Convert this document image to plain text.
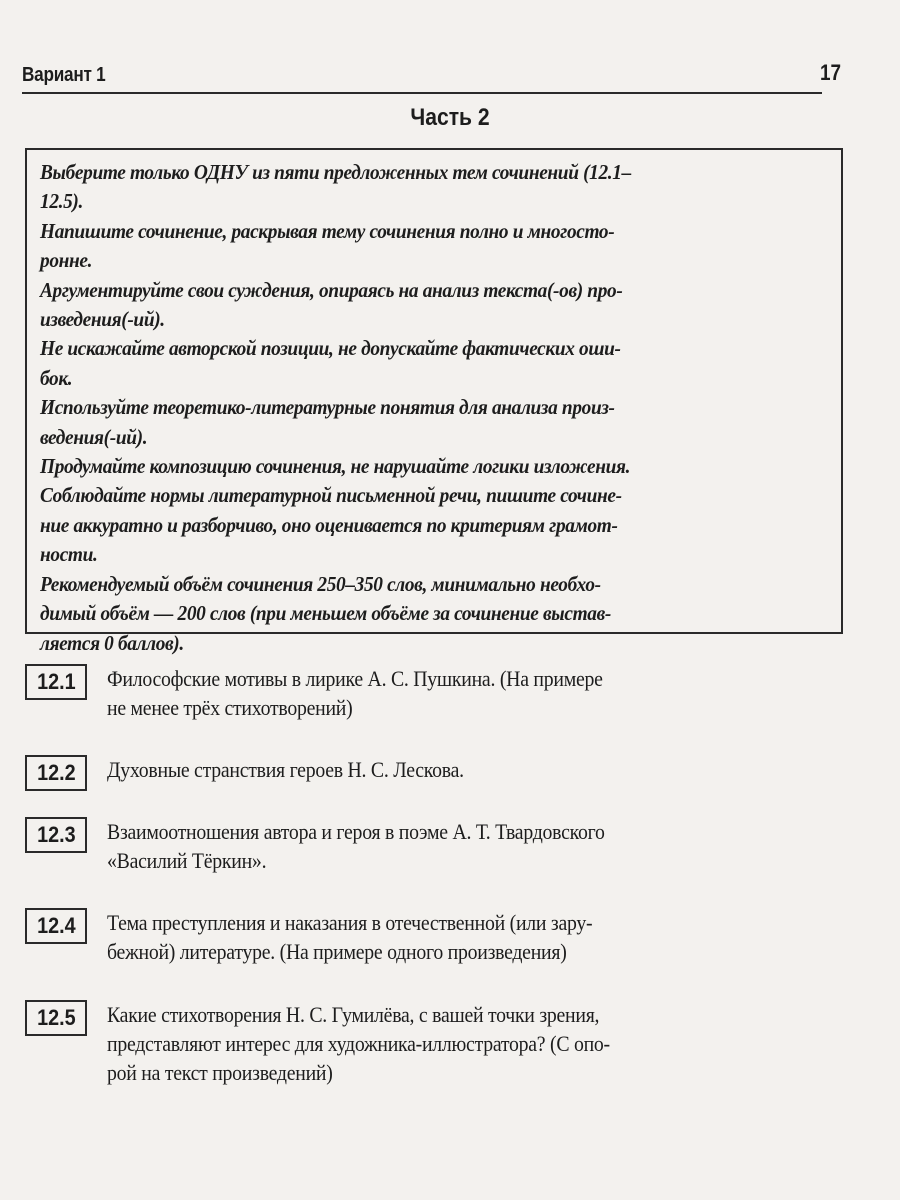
Вариант 1	17
Часть 2
Выберите только ОДНУ из пяти предложенных тем сочинений (12.1–
12.5).
Напишите сочинение, раскрывая тему сочинения полно и многосто-
ронне.
Аргументируйте свои суждения, опираясь на анализ текста(-ов) про-
изведения(-ий).
Не искажайте авторской позиции, не допускайте фактических оши-
бок.
Используйте теоретико-литературные понятия для анализа произ-
ведения(-ий).
Продумайте композицию сочинения, не нарушайте логики изложения.
Соблюдайте нормы литературной письменной речи, пишите сочине-
ние аккуратно и разборчиво, оно оценивается по критериям грамот-
ности.
Рекомендуемый объём сочинения 250–350 слов, минимально необхо-
димый объём — 200 слов (при меньшем объёме за сочинение выстав-
ляется 0 баллов).
12.1	Философские мотивы в лирике А. С. Пушкина. (На примере
не менее трёх стихотворений)
12.2	Духовные странствия героев Н. С. Лескова.
12.3	Взаимоотношения автора и героя в поэме А. Т. Твардовского
«Василий Тёркин».
12.4	Тема преступления и наказания в отечественной (или зару-
бежной) литературе. (На примере одного произведения)
12.5	Какие стихотворения Н. С. Гумилёва, с вашей точки зрения,
представляют интерес для художника-иллюстратора? (С опо-
рой на текст произведений)
